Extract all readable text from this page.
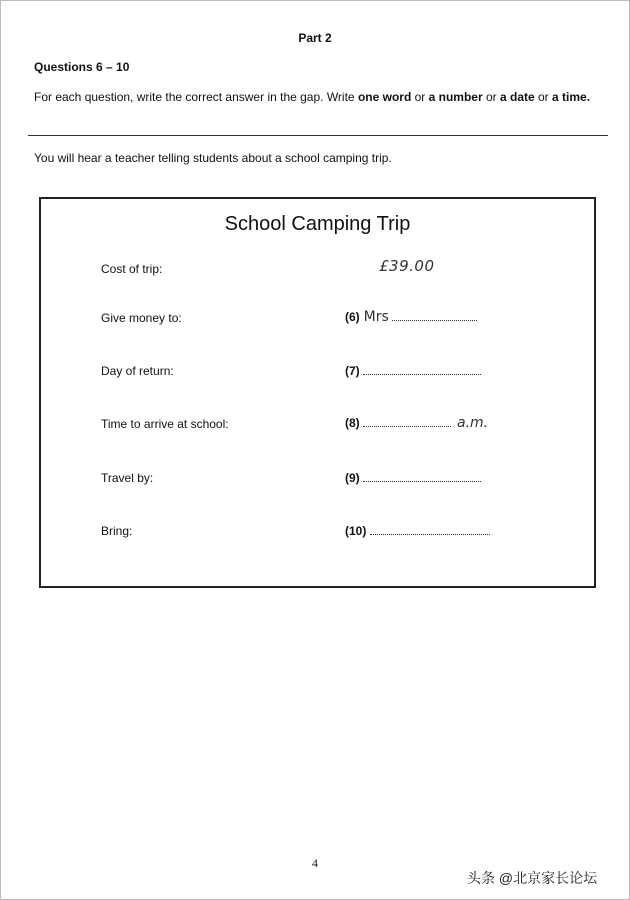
Part 2
Questions 6 – 10
For each question, write the correct answer in the gap. Write one word or a number or a date or a time.
You will hear a teacher telling students about a school camping trip.
School Camping Trip
Cost of trip:	£39.00
Give money to:	(6) Mrs
Day of return:	(7)
Time to arrive at school:	(8)	a.m.
Travel by:	(9)
Bring:	(10)
4
头条 @北京家长论坛
